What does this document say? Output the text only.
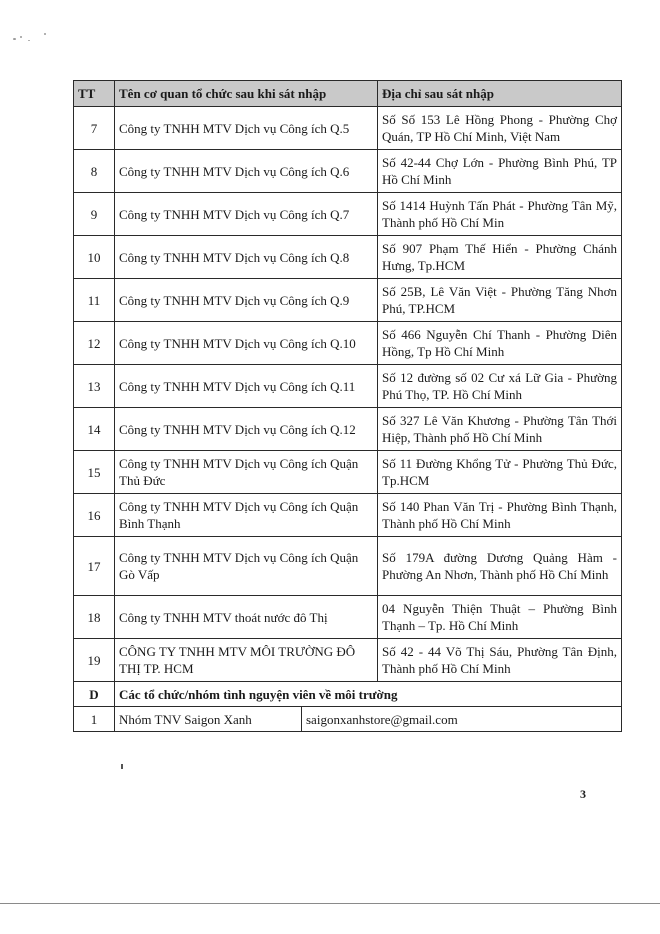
TT	Tên cơ quan tổ chức sau khi sát nhập		Địa chỉ sau sát nhập
7	Công ty TNHH MTV Dịch vụ Công ích Q.5		Số Số 153 Lê Hồng Phong - Phường Chợ Quán, TP Hồ Chí Minh, Việt Nam
8	Công ty TNHH MTV Dịch vụ Công ích Q.6		Số 42-44 Chợ Lớn - Phường Bình Phú, TP Hồ Chí Minh
9	Công ty TNHH MTV Dịch vụ Công ích Q.7		Số 1414 Huỳnh Tấn Phát - Phường Tân Mỹ, Thành phố Hồ Chí Min
10	Công ty TNHH MTV Dịch vụ Công ích Q.8		Số 907 Phạm Thế Hiển - Phường Chánh Hưng, Tp.HCM
11	Công ty TNHH MTV Dịch vụ Công ích Q.9		Số 25B, Lê Văn Việt - Phường Tăng Nhơn Phú, TP.HCM
12	Công ty TNHH MTV Dịch vụ Công ích Q.10		Số 466 Nguyễn Chí Thanh - Phường Diên Hồng, Tp Hồ Chí Minh
13	Công ty TNHH MTV Dịch vụ Công ích Q.11		Số 12 đường số 02 Cư xá Lữ Gia - Phường Phú Thọ, TP. Hồ Chí Minh
14	Công ty TNHH MTV Dịch vụ Công ích Q.12		Số 327 Lê Văn Khương - Phường Tân Thới Hiệp, Thành phố Hồ Chí Minh
15	Công ty TNHH MTV Dịch vụ Công ích Quận Thủ Đức		Số 11 Đường Khổng Tử - Phường Thủ Đức, Tp.HCM
16	Công ty TNHH MTV Dịch vụ Công ích Quận Bình Thạnh		Số 140 Phan Văn Trị - Phường Bình Thạnh, Thành phố Hồ Chí Minh
17	Công ty TNHH MTV Dịch vụ Công ích Quận Gò Vấp		Số 179A đường Dương Quảng Hàm - Phường An Nhơn, Thành phố Hồ Chí Minh
18	Công ty TNHH MTV thoát nước đô Thị		04 Nguyễn Thiện Thuật – Phường Bình Thạnh – Tp. Hồ Chí Minh
19	CÔNG TY TNHH MTV MÔI TRƯỜNG ĐÔ THỊ TP. HCM		Số 42 - 44 Võ Thị Sáu, Phường Tân Định, Thành phố Hồ Chí Minh
D	Các tổ chức/nhóm tình nguyện viên về môi trường		
1	Nhóm TNV Saigon Xanh	saigonxanhstore@gmail.com	
3
